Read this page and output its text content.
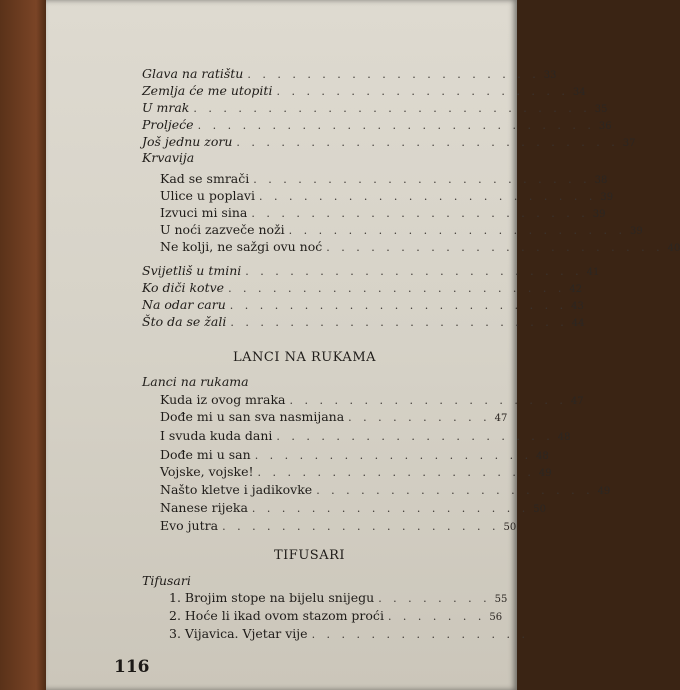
Glava na ratištu . . . . . . . . . . . . . . . . . . . . 33
Zemlja će me utopiti . . . . . . . . . . . . . . . . . . . . 34
U mrak . . . . . . . . . . . . . . . . . . . . . . . . . . . 35
Proljeće . . . . . . . . . . . . . . . . . . . . . . . . . . . 36
Još jednu zoru . . . . . . . . . . . . . . . . . . . . . . . . . . 37
Krvavija
Kad se smrači . . . . . . . . . . . . . . . . . . . . . . . 38
Ulice u poplavi . . . . . . . . . . . . . . . . . . . . . . . 39
Izvuci mi sina . . . . . . . . . . . . . . . . . . . . . . . 39
U noći zazveče noži . . . . . . . . . . . . . . . . . . . . . . . 39
Ne kolji, ne sažgi ovu noć . . . . . . . . . . . . . . . . . . . . . . . 40
Svijetliš u tmini . . . . . . . . . . . . . . . . . . . . . . . 41
Ko diči kotve . . . . . . . . . . . . . . . . . . . . . . . 42
Na odar caru . . . . . . . . . . . . . . . . . . . . . . . 43
Što da se žali . . . . . . . . . . . . . . . . . . . . . . . 44
LANCI NA RUKAMA
Lanci na rukama
Kuda iz ovog mraka . . . . . . . . . . . . . . . . . . . 47
Dođe mi u san sva nasmijana . . . . . . . . . . 47
I svuda kuda dani . . . . . . . . . . . . . . . . . . . 48
Dođe mi u san . . . . . . . . . . . . . . . . . . . 48
Vojske, vojske! . . . . . . . . . . . . . . . . . . . 49
Našto kletve i jadikovke . . . . . . . . . . . . . . . . . . . 49
Nanese rijeka . . . . . . . . . . . . . . . . . . . 50
Evo jutra . . . . . . . . . . . . . . . . . . . 50
TIFUSARI
Tifusari
1. Brojim stope na bijelu snijegu . . . . . . . . 55
2. Hoće li ikad ovom stazom proći . . . . . . . 56
3. Vijavica. Vjetar vije . . . . . . . . . . . . . . .
116
